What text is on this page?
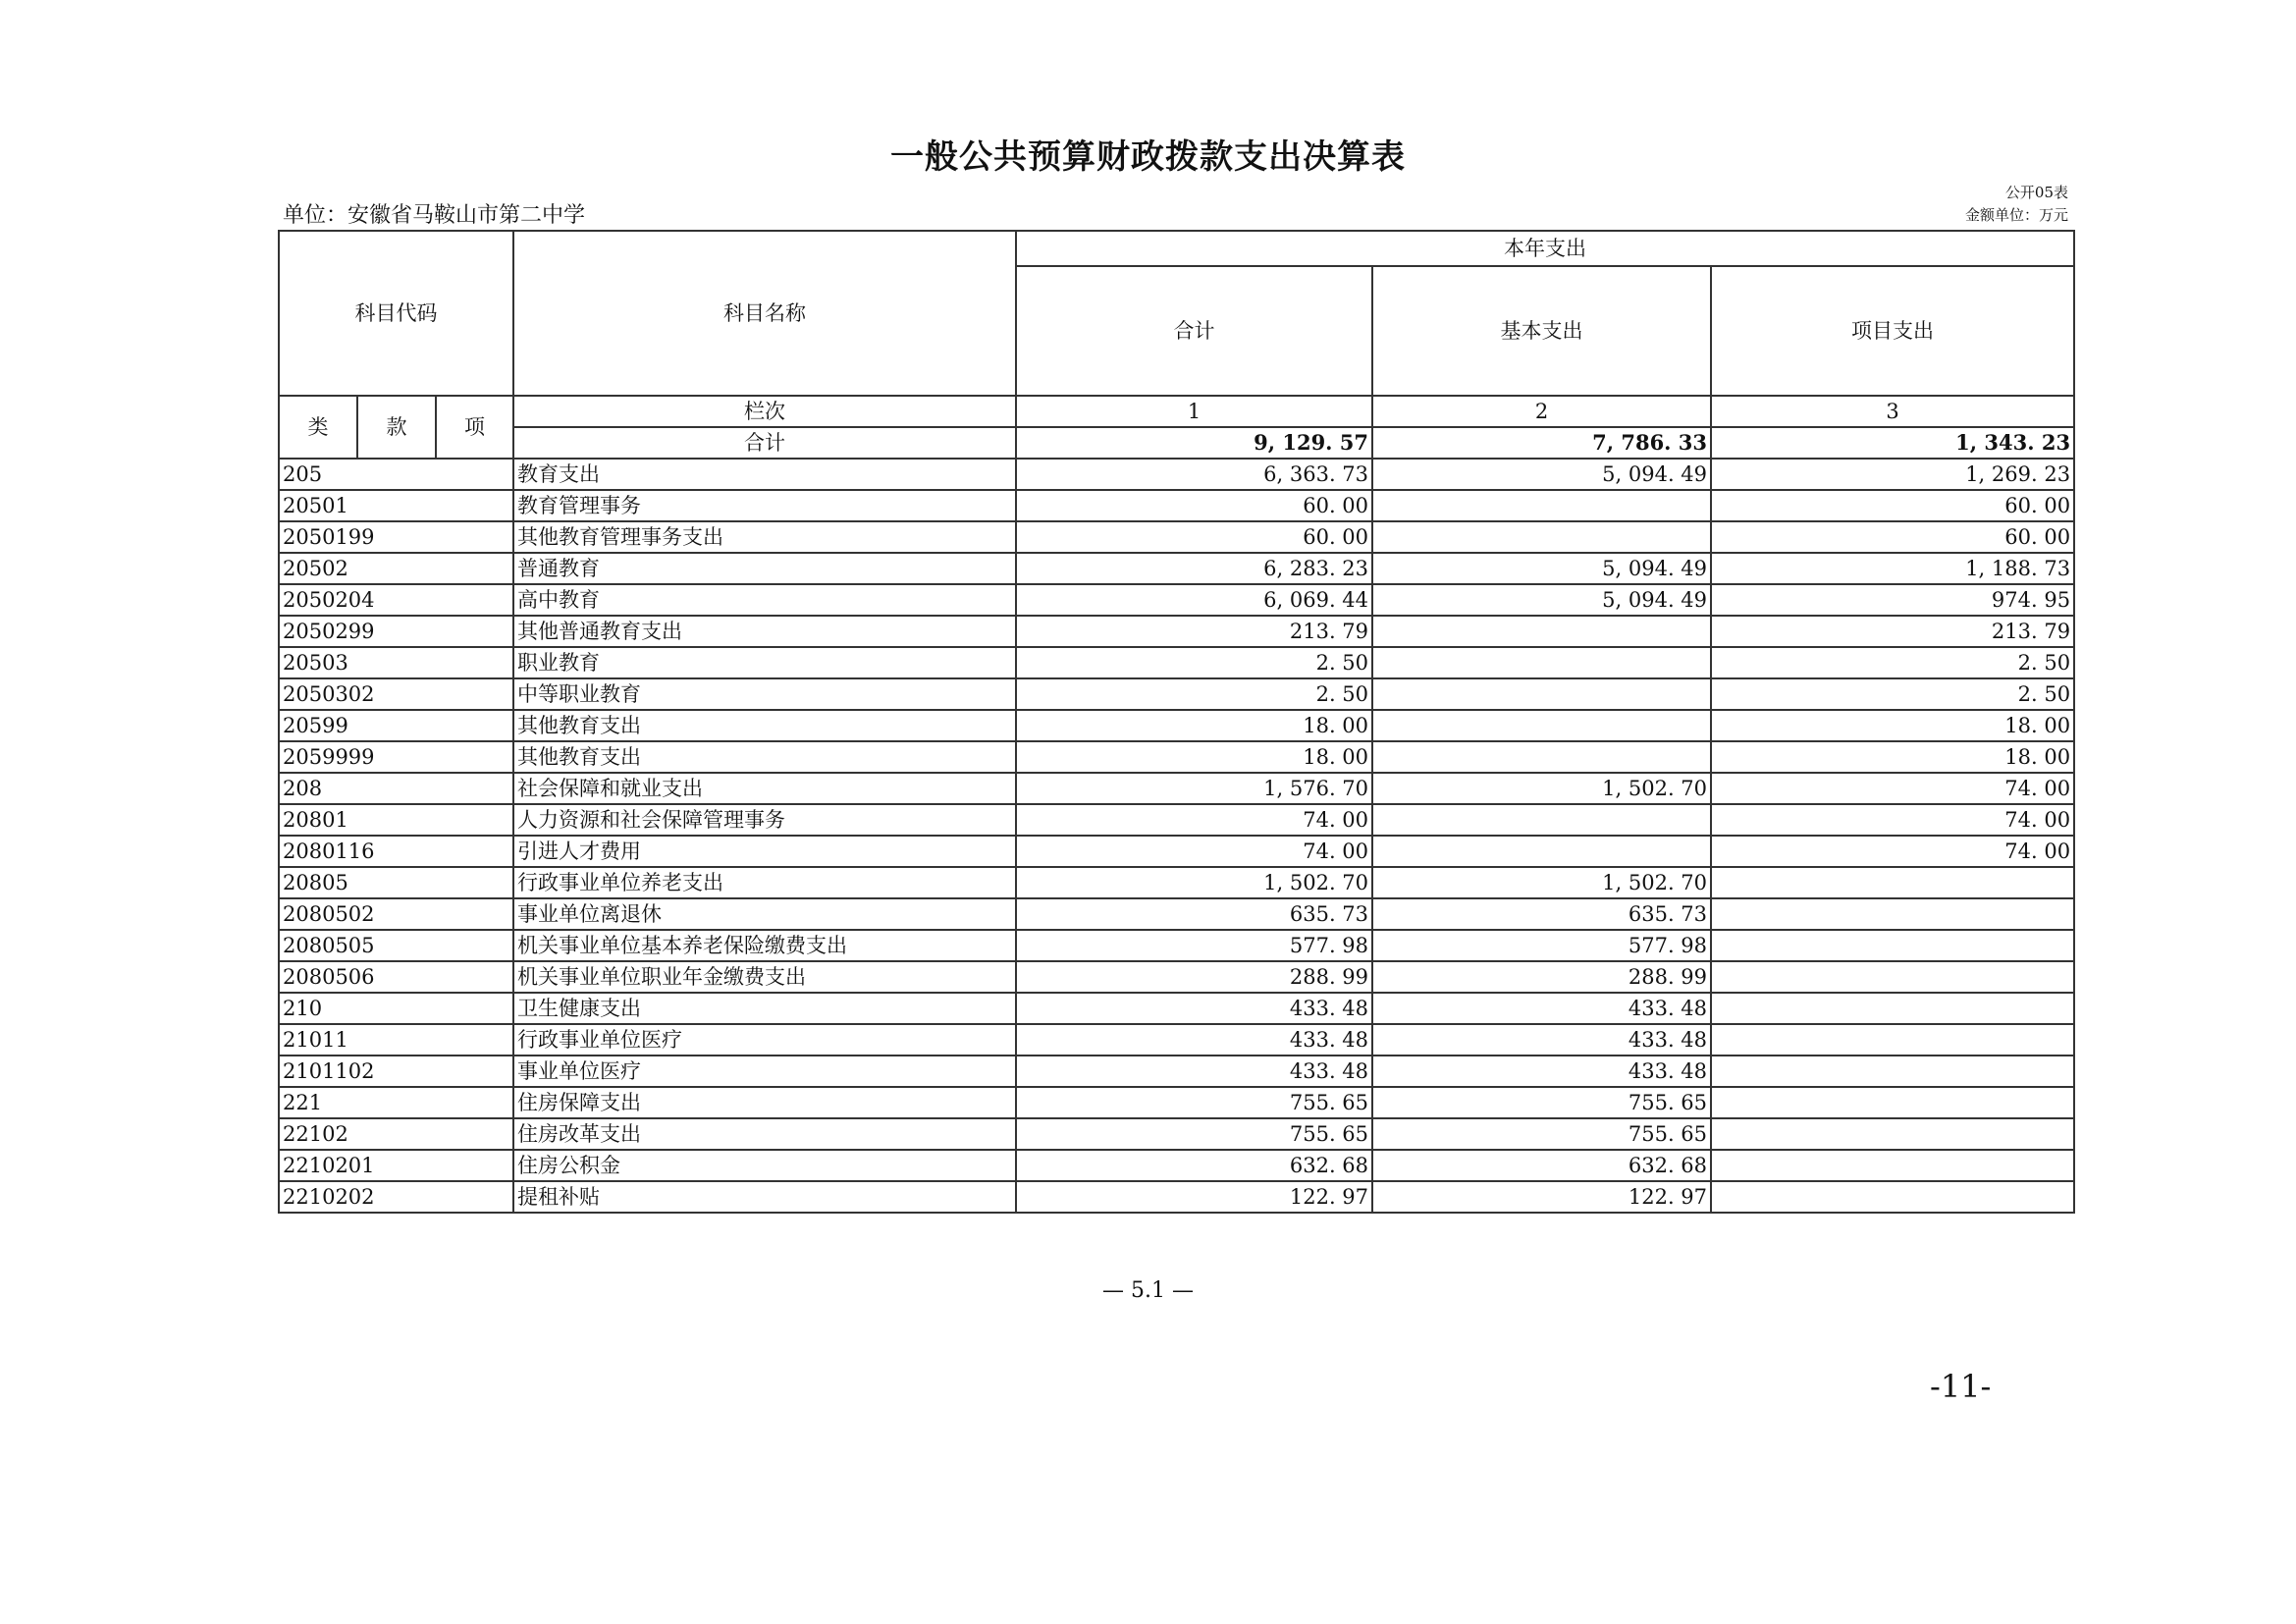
一般公共预算财政拨款支出决算表
单位：安徽省马鞍山市第二中学
公开05表
金额单位：万元
科目代码			科目名称	本年支出		
				合计	基本支出	项目支出
类	款	项	栏次	1	2	3
			合计	9, 129. 57	7, 786. 33	1, 343. 23
205			教育支出	6, 363. 73	5, 094. 49	1, 269. 23
20501			教育管理事务	60. 00		60. 00
2050199			其他教育管理事务支出	60. 00		60. 00
20502			普通教育	6, 283. 23	5, 094. 49	1, 188. 73
2050204			高中教育	6, 069. 44	5, 094. 49	974. 95
2050299			其他普通教育支出	213. 79		213. 79
20503			职业教育	2. 50		2. 50
2050302			中等职业教育	2. 50		2. 50
20599			其他教育支出	18. 00		18. 00
2059999			其他教育支出	18. 00		18. 00
208			社会保障和就业支出	1, 576. 70	1, 502. 70	74. 00
20801			人力资源和社会保障管理事务	74. 00		74. 00
2080116			引进人才费用	74. 00		74. 00
20805			行政事业单位养老支出	1, 502. 70	1, 502. 70	
2080502			事业单位离退休	635. 73	635. 73	
2080505			机关事业单位基本养老保险缴费支出	577. 98	577. 98	
2080506			机关事业单位职业年金缴费支出	288. 99	288. 99	
210			卫生健康支出	433. 48	433. 48	
21011			行政事业单位医疗	433. 48	433. 48	
2101102			事业单位医疗	433. 48	433. 48	
221			住房保障支出	755. 65	755. 65	
22102			住房改革支出	755. 65	755. 65	
2210201			住房公积金	632. 68	632. 68	
2210202			提租补贴	122. 97	122. 97	
— 5.1 —
-11-
